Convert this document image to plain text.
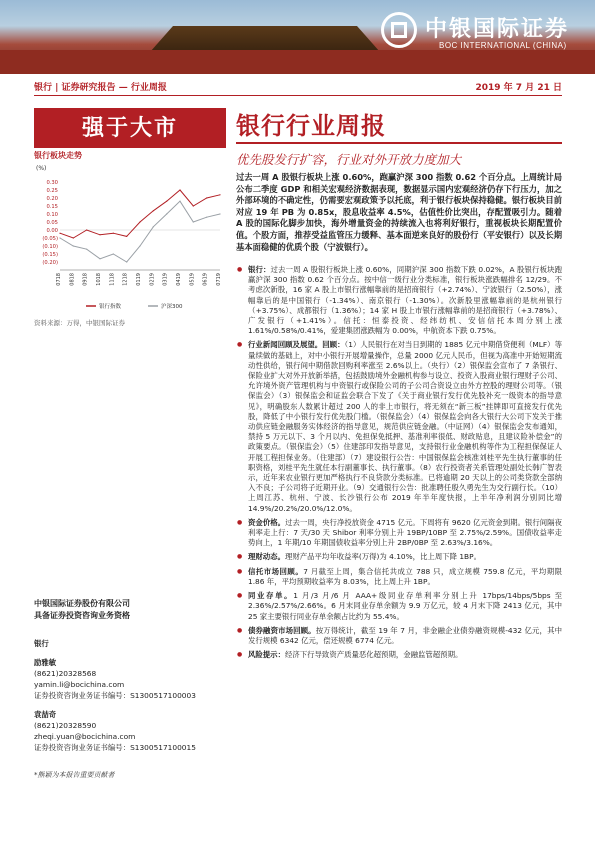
中银国际证券
BOC INTERNATIONAL (CHINA)
银行 | 证券研究报告 — 行业周报	2019 年 7 月 21 日
强于大市	银行行业周报
优先股发行扩容，行业对外开放力度加大
银行板块走势
(%)
0.30
0.25
0.20
0.15
0.10
0.05
0.00
(0.05)
(0.10)
(0.15)
(0.20)
0718 0818 0918 1018 1118 1218 0119 0219 0319 0419 0519 0619 0719
银行指数	沪深300
资料来源：万得，中银国际证券
过去一周 A 股银行板块上涨 0.60%，跑赢沪深 300 指数 0.62 个百分点。上周统计局公布二季度 GDP 和相关宏观经济数据表现，数据显示国内宏观经济仍存下行压力，加之外部环境的不确定性，仍需要宏观政策予以托底，利于银行板块保持稳健。银行板块目前对应 19 年 PB 为 0.85x，股息收益率 4.5%，估值性价比突出，存配置吸引力。随着 A 股的国际化脚步加快，海外增量资金的持续流入也将利好银行，重视板块长期配置价值。个股方面，推荐受益监管压力缓释、基本面逆来良好的股份行（平安银行）以及长期基本面稳健的优质个股（宁波银行）。
● 银行：过去一周 A 股银行板块上涨 0.60%，同期沪深 300 指数下跌 0.02%，A 股银行板块跑赢沪深 300 指数 0.62 个百分点。按中信一级行业分类标准，银行板块涨跌幅排名 12/29。不考虑次新股，16 家 A 股上市银行涨幅靠前的是招商银行（+2.74%）、宁波银行（2.50%），涨幅靠后的是中国银行（-1.34%）、南京银行（-1.30%）。次新股里涨幅靠前的是杭州银行（+3.75%）、成都银行（1.36%）；14 家 H 股上市银行涨幅靠前的是招商银行（+3.78%）、广发银行（+1.41%）。信托：恒泰投资、经纬纺机、安信信托本周分别上涨 1.61%/0.58%/0.41%，爱建集团涨跌幅为 0.00%，中航资本下跌 0.75%。
● 行业新闻回顾及展望。回顾：（1）人民银行在对当日到期的 1885 亿元中期借贷便利（MLF）等量续做的基础上，对中小银行开展增量操作，总量 2000 亿元人民币，但视为高准中开始短期流动性供给，银行间中期借款回购利率涨至 2.6%以上。（央行）（2）银保监会宣布了 7 条银行、保险业扩大对外开放新举措，包括鼓励境外金融机构参与设立、投资入股商业银行理财子公司、允许境外资产管理机构与中资银行或保险公司的子公司合资设立由外方控股的理财公司等。（银保监会）（3）银保监会和证监会联合下发了《关于商业银行发行优先股补充一级资本的指导意见》，明确股东人数累计超过 200 人的非上市银行，将无须在“新三板”挂牌即可直接发行优先股，降低了中小银行发行优先股门槛。（银保监会）（4）银保监会向各大银行大公司下发关于推动供应链金融服务实体经济的指导意见，规范供应链金融。（中证网）（4）银保监会发布通知，禁持 5 万元以下、3 个月以内、免担保免抵押、基准利率很低、财政贴息，且建议险补偿金”的政策要点。（银保监会）（5）住建部印发指导意见，支持银行业金融机构等作为工程担保保证人开展工程担保业务。（住建部）（7）建设银行公告：中国银保监会核准刘桂平先生执行董事的任职资格，刘桂平先生就任本行副董事长、执行董事。（8）农行投资者关系管理处副处长韩广智表示，近年来农业银行更加严格执行不良贷款分类标准。已将逾期 20 天以上的公司类贷款全部纳入不良；子公司将子近期开业。（9）交通银行公告：批准聘任殷久勇先生为交行副行长。（10）上周江苏、杭州、宁波、长沙银行公布 2019 年半年度快报，上半年净利润分别同比增 14.9%/20.2%/20.0%/12.0%。
● 资金价格。过去一周，央行净投放资金 4715 亿元。下周将有 9620 亿元资金到期。银行间隔夜利率走上行：7 天/30 天 Shibor 利率分别上升 19BP/10BP 至 2.75%/2.59%。国债收益率走势向上，1 年期/10 年期国债收益率分别上升 2BP/0BP 至 2.63%/3.16%。
● 理财动态。理财产品平均年收益率(万得)为 4.10%，比上周下降 1BP。
● 信托市场回顾。7 月截至上周，集合信托共成立 788 只，成立规模 759.8 亿元，平均期限 1.86 年，平均预期收益率为 8.03%，比上周上升 1BP。
● 同业存单。1 月/3 月/6 月 AAA+级同业存单利率分别上升 17bps/14bps/5bps 至 2.36%/2.57%/2.66%。6 月末同业存单余额为 9.9 万亿元，较 4 月末下降 2413 亿元，其中 25 家主要银行同业存单余额占比约为 55.4%。
● 债券融资市场回顾。按万得统计，截至 19 年 7 月，非金融企业债券融资规模-432 亿元，其中发行规模 6342 亿元，偿还规模 6774 亿元。
● 风险提示：经济下行导致资产质量恶化超预期，金融监管超预期。
中银国际证券股份有限公司
具备证券投资咨询业务资格
银行
励雅敏
(8621)20328568
yamin.li@bocichina.com
证券投资咨询业务证书编号：S1300517100003
袁喆奇
(8621)20328590
zheqi.yuan@bocichina.com
证券投资咨询业务证书编号：S1300517100015
*熊颖为本报告重要贡献者
